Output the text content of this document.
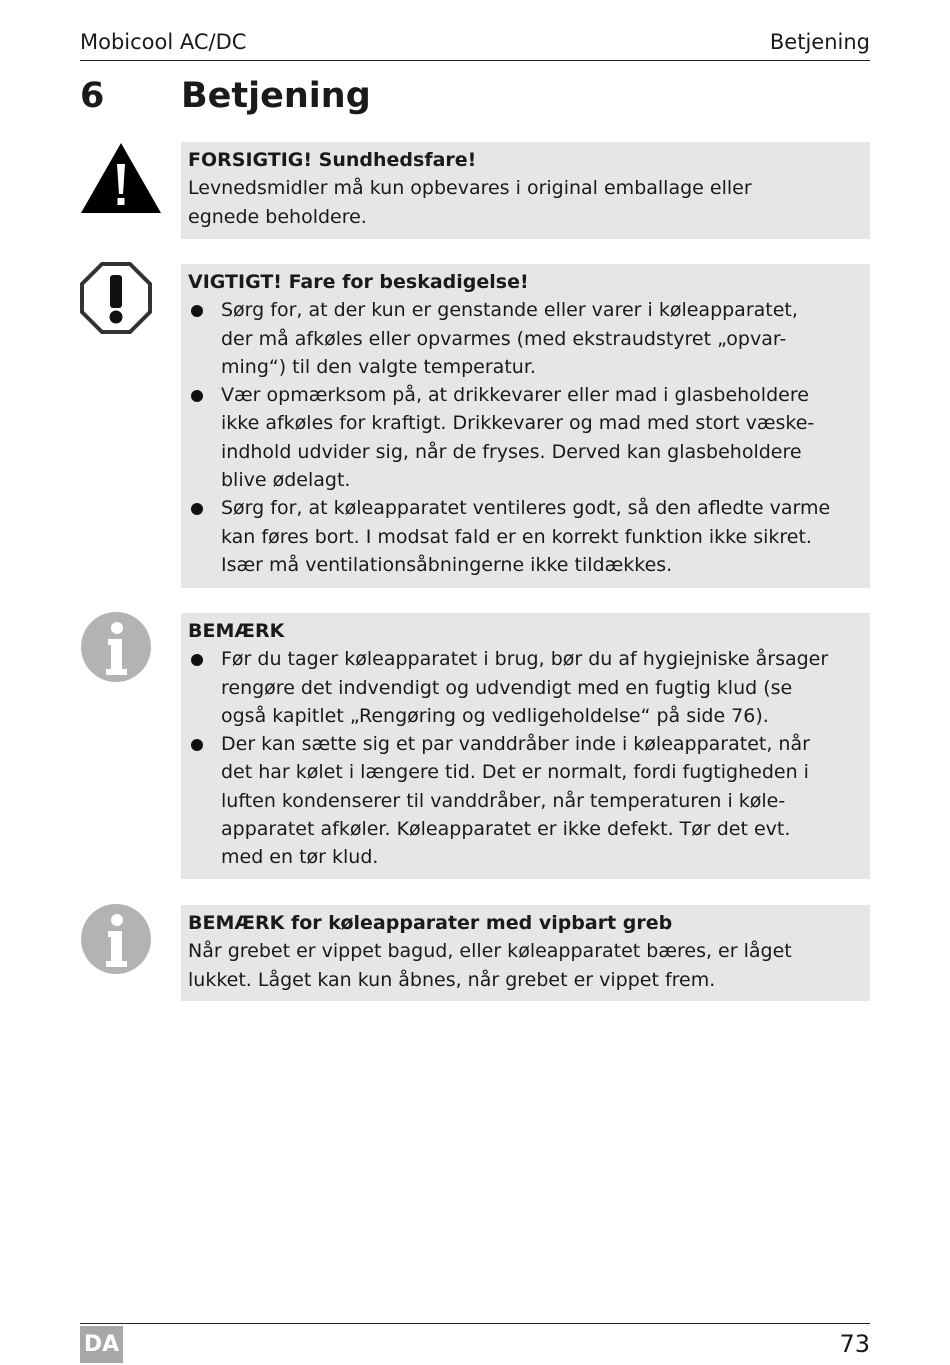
Mobicool AC/DC	Betjening
6 Betjening
FORSIGTIG! Sundhedsfare!
Levnedsmidler må kun opbevares i original emballage eller
egnede beholdere.
VIGTIGT! Fare for beskadigelse!
Sørg for, at der kun er genstande eller varer i køleapparatet,
der må afkøles eller opvarmes (med ekstraudstyret „opvar-
ming“) til den valgte temperatur.
Vær opmærksom på, at drikkevarer eller mad i glasbeholdere
ikke afkøles for kraftigt. Drikkevarer og mad med stort væske-
indhold udvider sig, når de fryses. Derved kan glasbeholdere
blive ødelagt.
Sørg for, at køleapparatet ventileres godt, så den afledte varme
kan føres bort. I modsat fald er en korrekt funktion ikke sikret.
Især må ventilationsåbningerne ikke tildækkes.
BEMÆRK
Før du tager køleapparatet i brug, bør du af hygiejniske årsager
rengøre det indvendigt og udvendigt med en fugtig klud (se
også kapitlet „Rengøring og vedligeholdelse“ på side 76).
Der kan sætte sig et par vanddråber inde i køleapparatet, når
det har kølet i længere tid. Det er normalt, fordi fugtigheden i
luften kondenserer til vanddråber, når temperaturen i køle-
apparatet afkøler. Køleapparatet er ikke defekt. Tør det evt.
med en tør klud.
BEMÆRK for køleapparater med vipbart greb
Når grebet er vippet bagud, eller køleapparatet bæres, er låget
lukket. Låget kan kun åbnes, når grebet er vippet frem.
DA	73
